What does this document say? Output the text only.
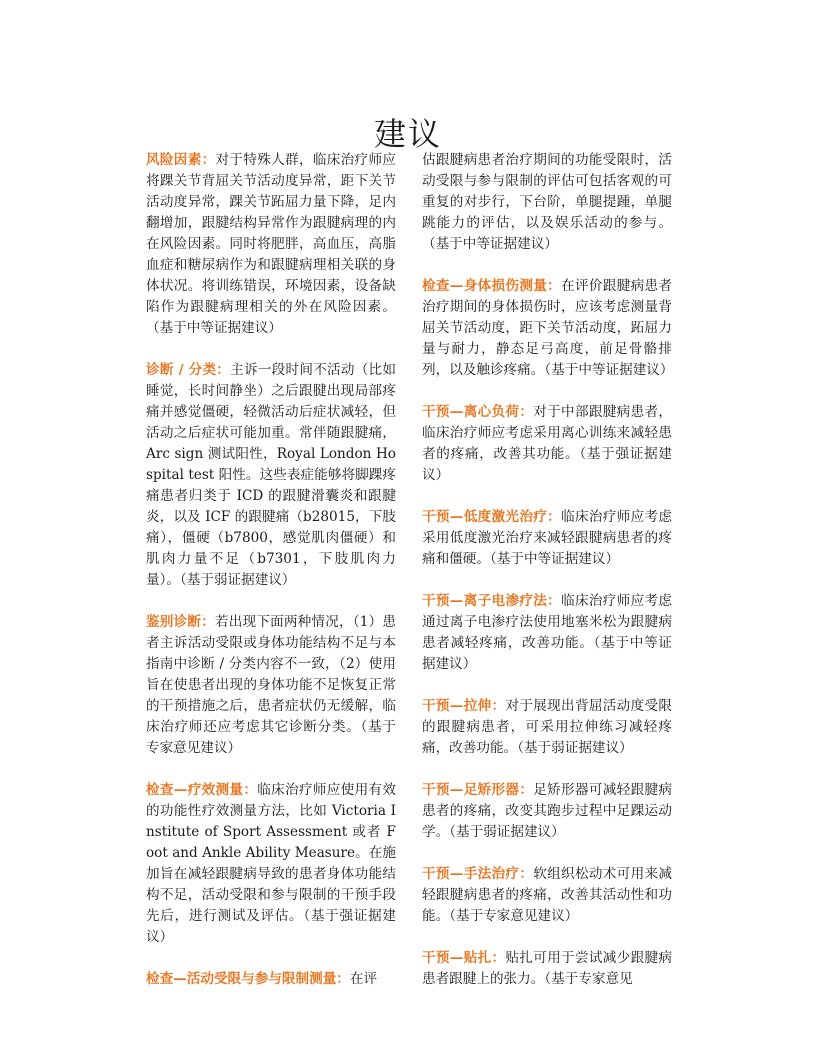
建议

风险因素：对于特殊人群，临床治疗师应将踝关节背屈关节活动度异常，距下关节活动度异常，踝关节跖屈力量下降，足内翻增加，跟腱结构异常作为跟腱病理的内在风险因素。同时将肥胖，高血压，高脂血症和糖尿病作为和跟腱病理相关联的身体状况。将训练错误，环境因素，设备缺陷作为跟腱病理相关的外在风险因素。（基于中等证据建议）

诊断 / 分类：主诉一段时间不活动（比如睡觉，长时间静坐）之后跟腱出现局部疼痛并感觉僵硬，轻微活动后症状减轻，但活动之后症状可能加重。常伴随跟腱痛，Arc sign 测试阳性，Royal London Hospital test 阳性。这些表症能够将脚踝疼痛患者归类于 ICD 的跟腱滑囊炎和跟腱炎，以及 ICF 的跟腱痛（b28015，下肢痛），僵硬（b7800，感觉肌肉僵硬）和肌肉力量不足（b7301，下肢肌肉力量）。（基于弱证据建议）

鉴别诊断：若出现下面两种情况，（1）患者主诉活动受限或身体功能结构不足与本指南中诊断 / 分类内容不一致，（2）使用旨在使患者出现的身体功能不足恢复正常的干预措施之后，患者症状仍无缓解，临床治疗师还应考虑其它诊断分类。（基于专家意见建议）

检查—疗效测量：临床治疗师应使用有效的功能性疗效测量方法，比如 Victoria Institute of Sport Assessment 或者 Foot and Ankle Ability Measure。在施加旨在减轻跟腱病导致的患者身体功能结构不足，活动受限和参与限制的干预手段先后，进行测试及评估。（基于强证据建议）

检查—活动受限与参与限制测量：在评

估跟腱病患者治疗期间的功能受限时，活动受限与参与限制的评估可包括客观的可重复的对步行，下台阶，单腿提踵，单腿跳能力的评估，以及娱乐活动的参与。（基于中等证据建议）

检查—身体损伤测量：在评价跟腱病患者治疗期间的身体损伤时，应该考虑测量背屈关节活动度，距下关节活动度，跖屈力量与耐力，静态足弓高度，前足骨骼排列，以及触诊疼痛。（基于中等证据建议）

干预—离心负荷：对于中部跟腱病患者，临床治疗师应考虑采用离心训练来减轻患者的疼痛，改善其功能。（基于强证据建议）

干预—低度激光治疗：临床治疗师应考虑采用低度激光治疗来减轻跟腱病患者的疼痛和僵硬。（基于中等证据建议）

干预—离子电渗疗法：临床治疗师应考虑通过离子电渗疗法使用地塞米松为跟腱病患者减轻疼痛，改善功能。（基于中等证据建议）

干预—拉伸：对于展现出背屈活动度受限的跟腱病患者，可采用拉伸练习减轻疼痛，改善功能。（基于弱证据建议）

干预—足矫形器：足矫形器可减轻跟腱病患者的疼痛，改变其跑步过程中足踝运动学。（基于弱证据建议）

干预—手法治疗：软组织松动术可用来减轻跟腱病患者的疼痛，改善其活动性和功能。（基于专家意见建议）

干预—贴扎：贴扎可用于尝试减少跟腱病患者跟腱上的张力。（基于专家意见
